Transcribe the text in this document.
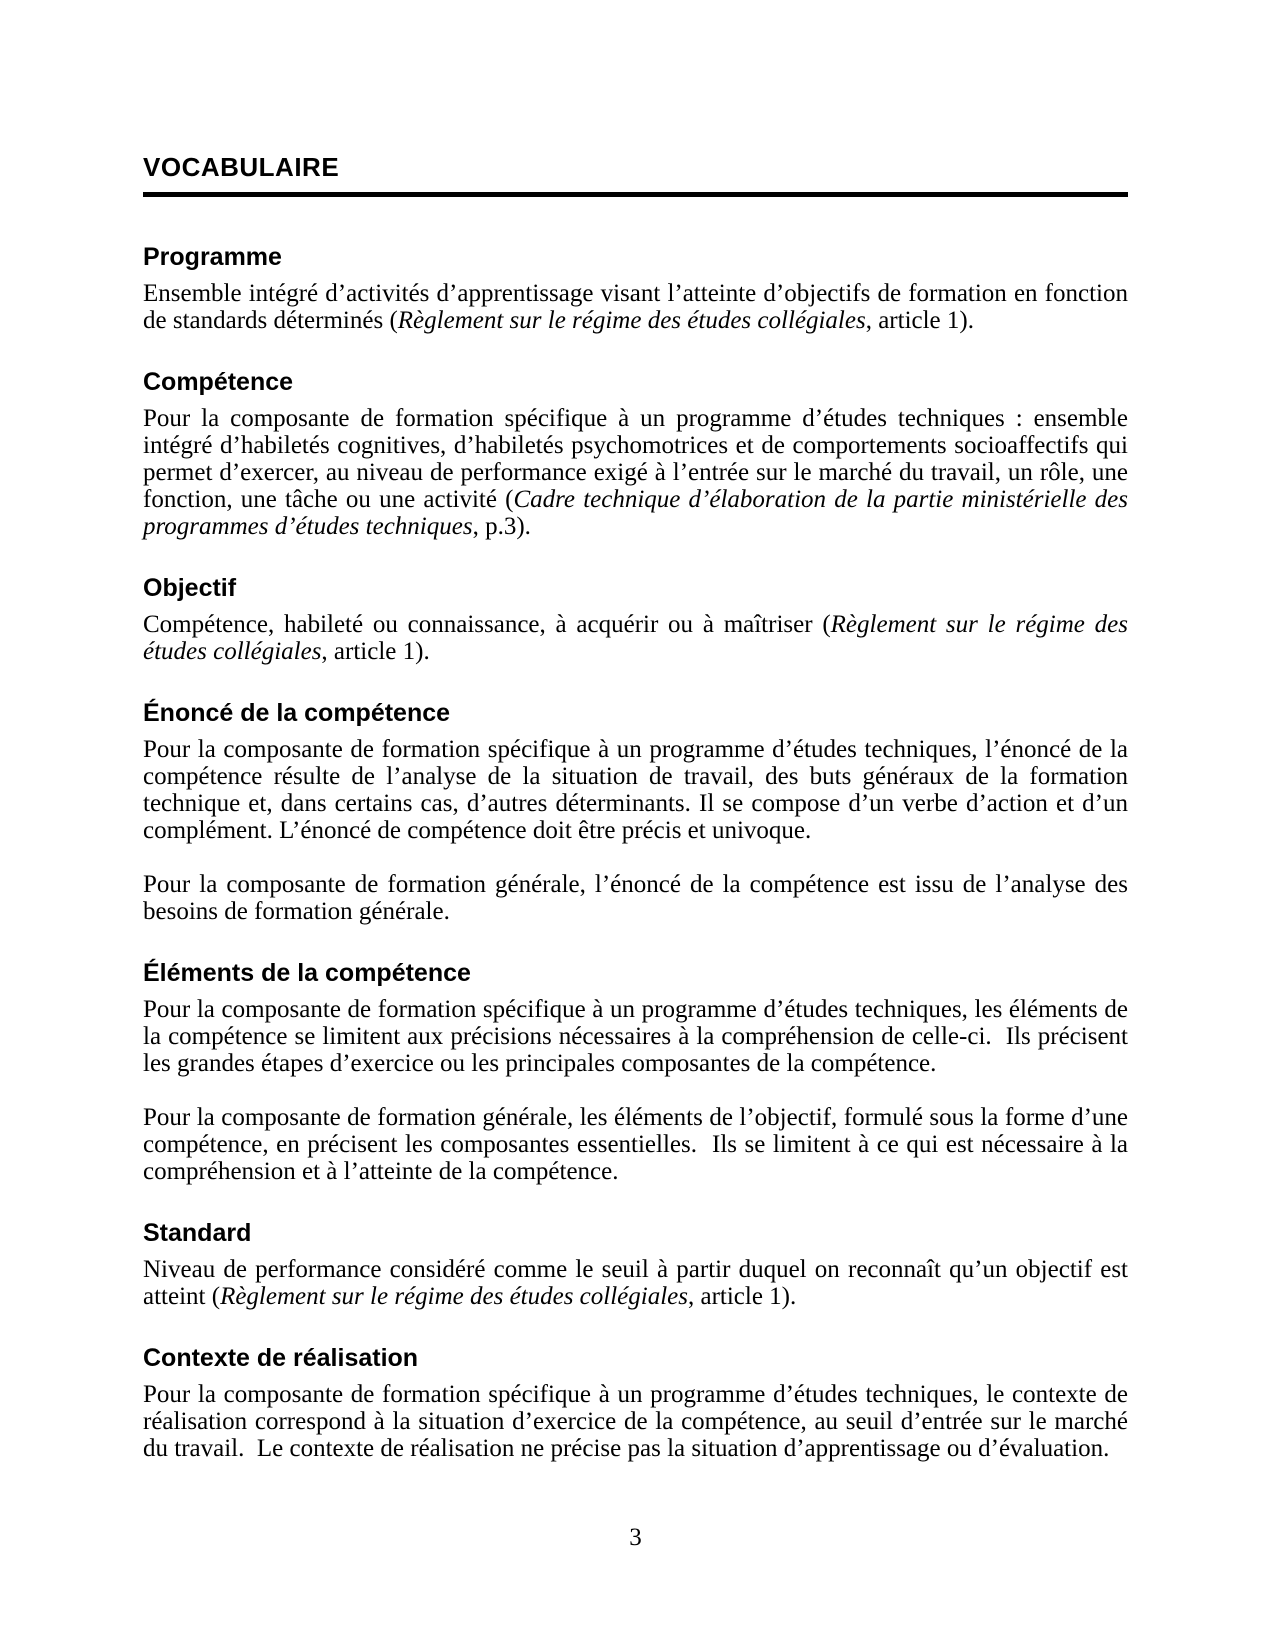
VOCABULAIRE
Programme

Ensemble intégré d’activités d’apprentissage visant l’atteinte d’objectifs de formation en fonction de standards déterminés (Règlement sur le régime des études collégiales, article 1).

Compétence

Pour la composante de formation spécifique à un programme d’études techniques : ensemble intégré d’habiletés cognitives, d’habiletés psychomotrices et de comportements socioaffectifs qui permet d’exercer, au niveau de performance exigé à l’entrée sur le marché du travail, un rôle, une fonction, une tâche ou une activité (Cadre technique d’élaboration de la partie ministérielle des programmes d’études techniques, p.3).

Objectif

Compétence, habileté ou connaissance, à acquérir ou à maîtriser (Règlement sur le régime des études collégiales, article 1).

Énoncé de la compétence

Pour la composante de formation spécifique à un programme d’études techniques, l’énoncé de la compétence résulte de l’analyse de la situation de travail, des buts généraux de la formation technique et, dans certains cas, d’autres déterminants. Il se compose d’un verbe d’action et d’un complément. L’énoncé de compétence doit être précis et univoque.

Pour la composante de formation générale, l’énoncé de la compétence est issu de l’analyse des besoins de formation générale.

Éléments de la compétence

Pour la composante de formation spécifique à un programme d’études techniques, les éléments de la compétence se limitent aux précisions nécessaires à la compréhension de celle-ci.  Ils précisent les grandes étapes d’exercice ou les principales composantes de la compétence.

Pour la composante de formation générale, les éléments de l’objectif, formulé sous la forme d’une compétence, en précisent les composantes essentielles.  Ils se limitent à ce qui est nécessaire à la compréhension et à l’atteinte de la compétence.

Standard

Niveau de performance considéré comme le seuil à partir duquel on reconnaît qu’un objectif est atteint (Règlement sur le régime des études collégiales, article 1).

Contexte de réalisation

Pour la composante de formation spécifique à un programme d’études techniques, le contexte de réalisation correspond à la situation d’exercice de la compétence, au seuil d’entrée sur le marché du travail.  Le contexte de réalisation ne précise pas la situation d’apprentissage ou d’évaluation.

3
